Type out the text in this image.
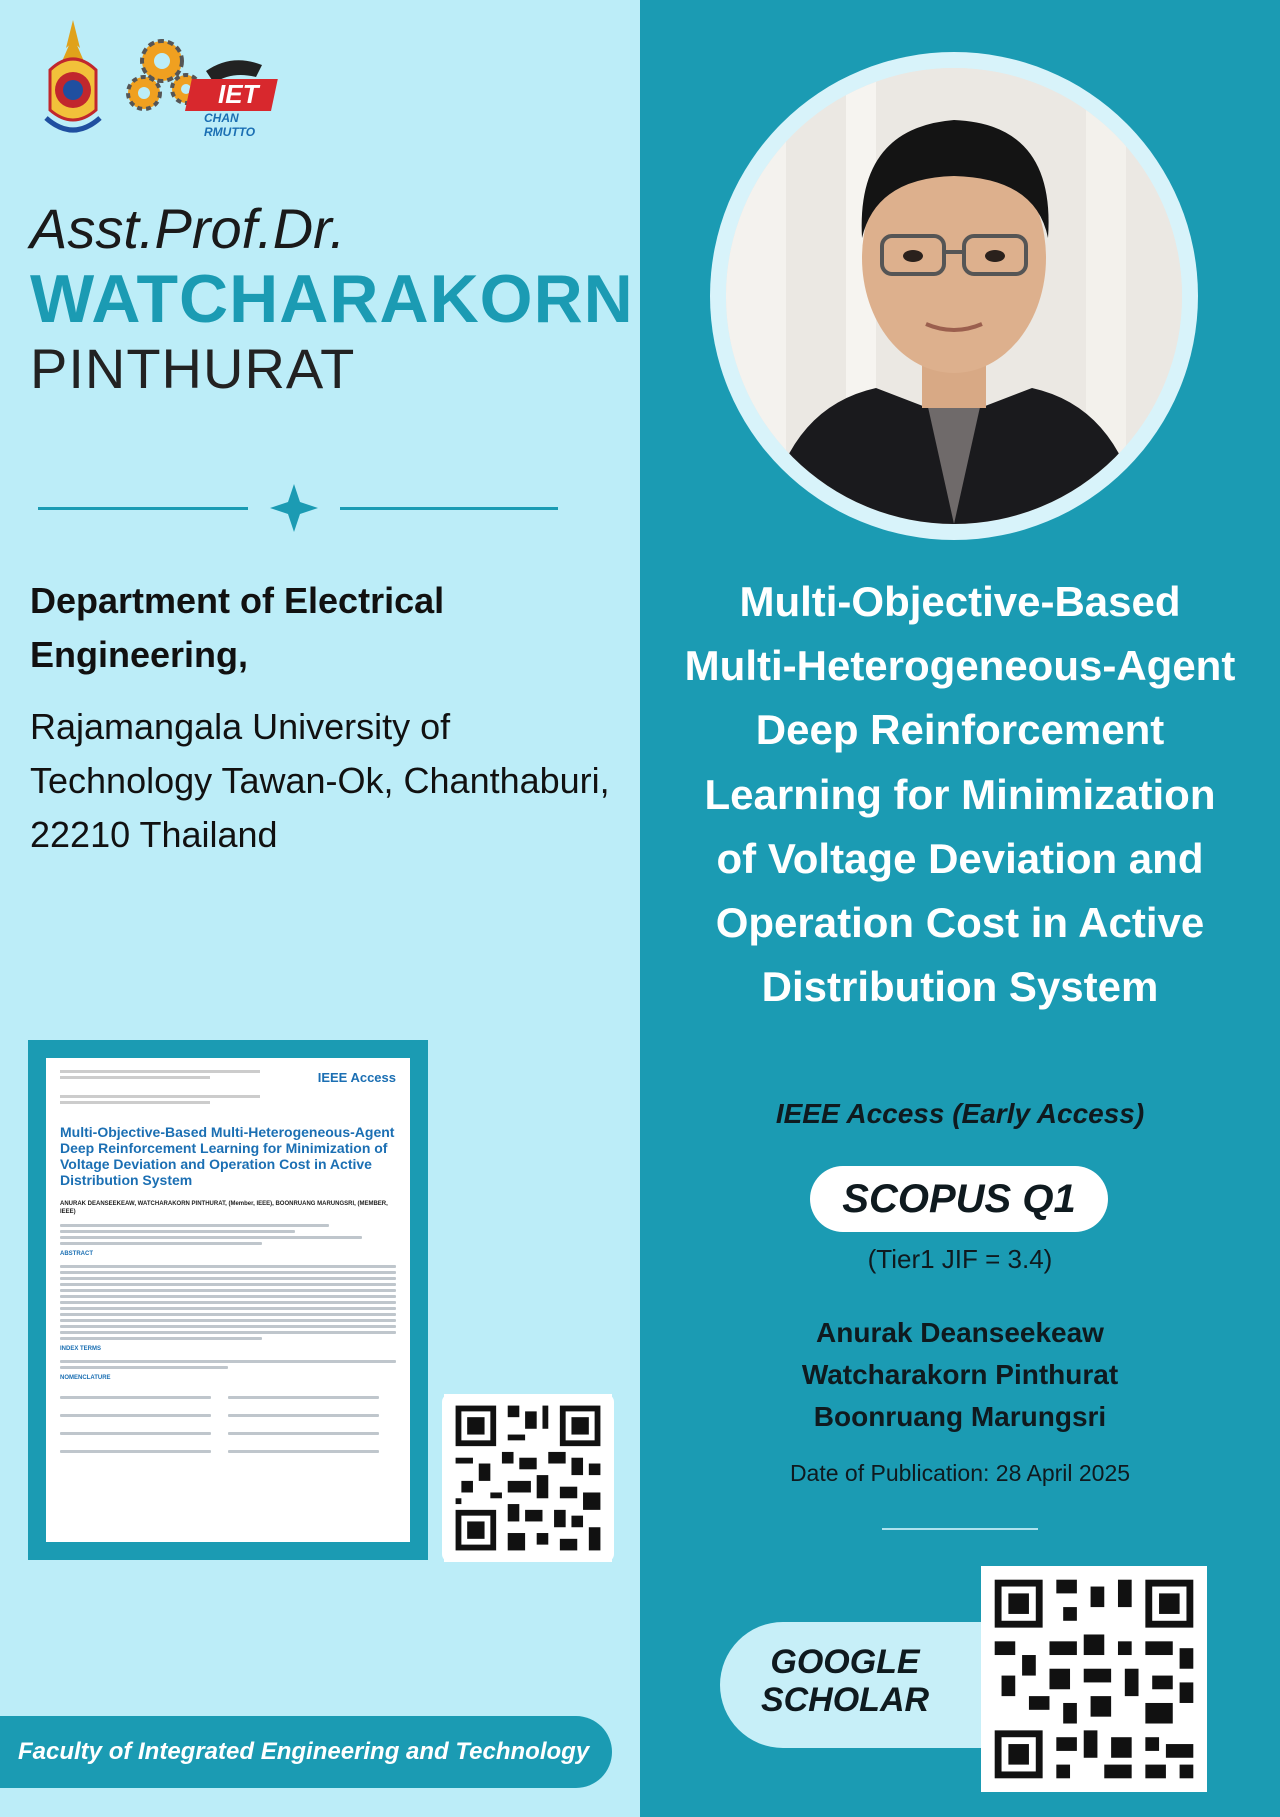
IET
CHAN RMUTTO
Asst.Prof.Dr.
WATCHARAKORN
PINTHURAT
Department of Electrical Engineering,
Rajamangala University of Technology Tawan-Ok, Chanthaburi, 22210 Thailand
IEEE Access
Multi-Objective-Based Multi-Heterogeneous-Agent Deep Reinforcement Learning for Minimization of Voltage Deviation and Operation Cost in Active Distribution System
ANURAK DEANSEEKEAW, WATCHARAKORN PINTHURAT, (Member, IEEE), BOONRUANG MARUNGSRI, (MEMBER, IEEE)
ABSTRACT
INDEX TERMS
NOMENCLATURE

Faculty of Integrated Engineering and Technology
Multi-Objective-Based Multi-Heterogeneous-Agent Deep Reinforcement Learning for Minimization of Voltage Deviation and Operation Cost in Active Distribution System
IEEE Access (Early Access)
SCOPUS Q1
(Tier1 JIF = 3.4)
Anurak Deanseekeaw
Watcharakorn Pinthurat
Boonruang Marungsri
Date of Publication: 28 April 2025
GOOGLE SCHOLAR
